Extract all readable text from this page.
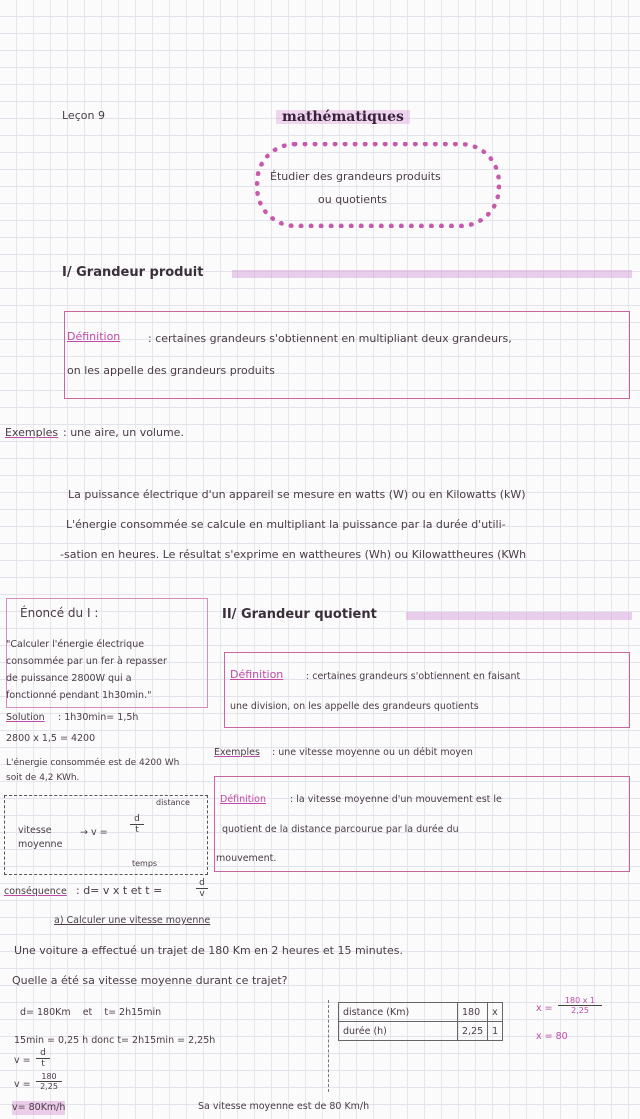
Leçon 9	mathématiques
Étudier des grandeurs produits
ou quotients
I/ Grandeur produit
Définition	: certaines grandeurs s'obtiennent en multipliant deux grandeurs,
on les appelle des grandeurs produits
Exemples : une aire, un volume.
La puissance électrique d'un appareil se mesure en watts (W) ou en Kilowatts (kW)
L'énergie consommée se calcule en multipliant la puissance par la durée d'utili-
-sation en heures. Le résultat s'exprime en wattheures (Wh) ou Kilowattheures (KWh
Énoncé du I :
"Calculer l'énergie électrique
consommée par un fer à repasser
de puissance 2800W qui a
fonctionné pendant 1h30min."
Solution : 1h30min= 1,5h
2800 x 1,5 = 4200
L'énergie consommée est de 4200 Wh
soit de 4,2 KWh.
distance
vitesse
moyenne
→ $v = \frac{d}{t}$
temps
conséquence : d= v x t et t =	$\frac{d}{v}$
II/ Grandeur quotient
Définition : certaines grandeurs s'obtiennent en faisant
une division, on les appelle des grandeurs quotients
Exemples : une vitesse moyenne ou un débit moyen
Définition	: la vitesse moyenne d'un mouvement est le
quotient de la distance parcourue par la durée du
mouvement.
a) Calculer une vitesse moyenne
Une voiture a effectué un trajet de 180 Km en 2 heures et 15 minutes.
Quelle a été sa vitesse moyenne durant ce trajet?
d= 180Km    et    t= 2h15min
15min = 0,25 h donc t= 2h15min = 2,25h
$v = \frac{d}{t}$
$v = \frac{180}{2,25}$
v= 80Km/h
distance (Km)	180	x
durée (h)	2,25	1
$x = \frac{180 x 1}{2,25}$
x = 80
Sa vitesse moyenne est de 80 Km/h
